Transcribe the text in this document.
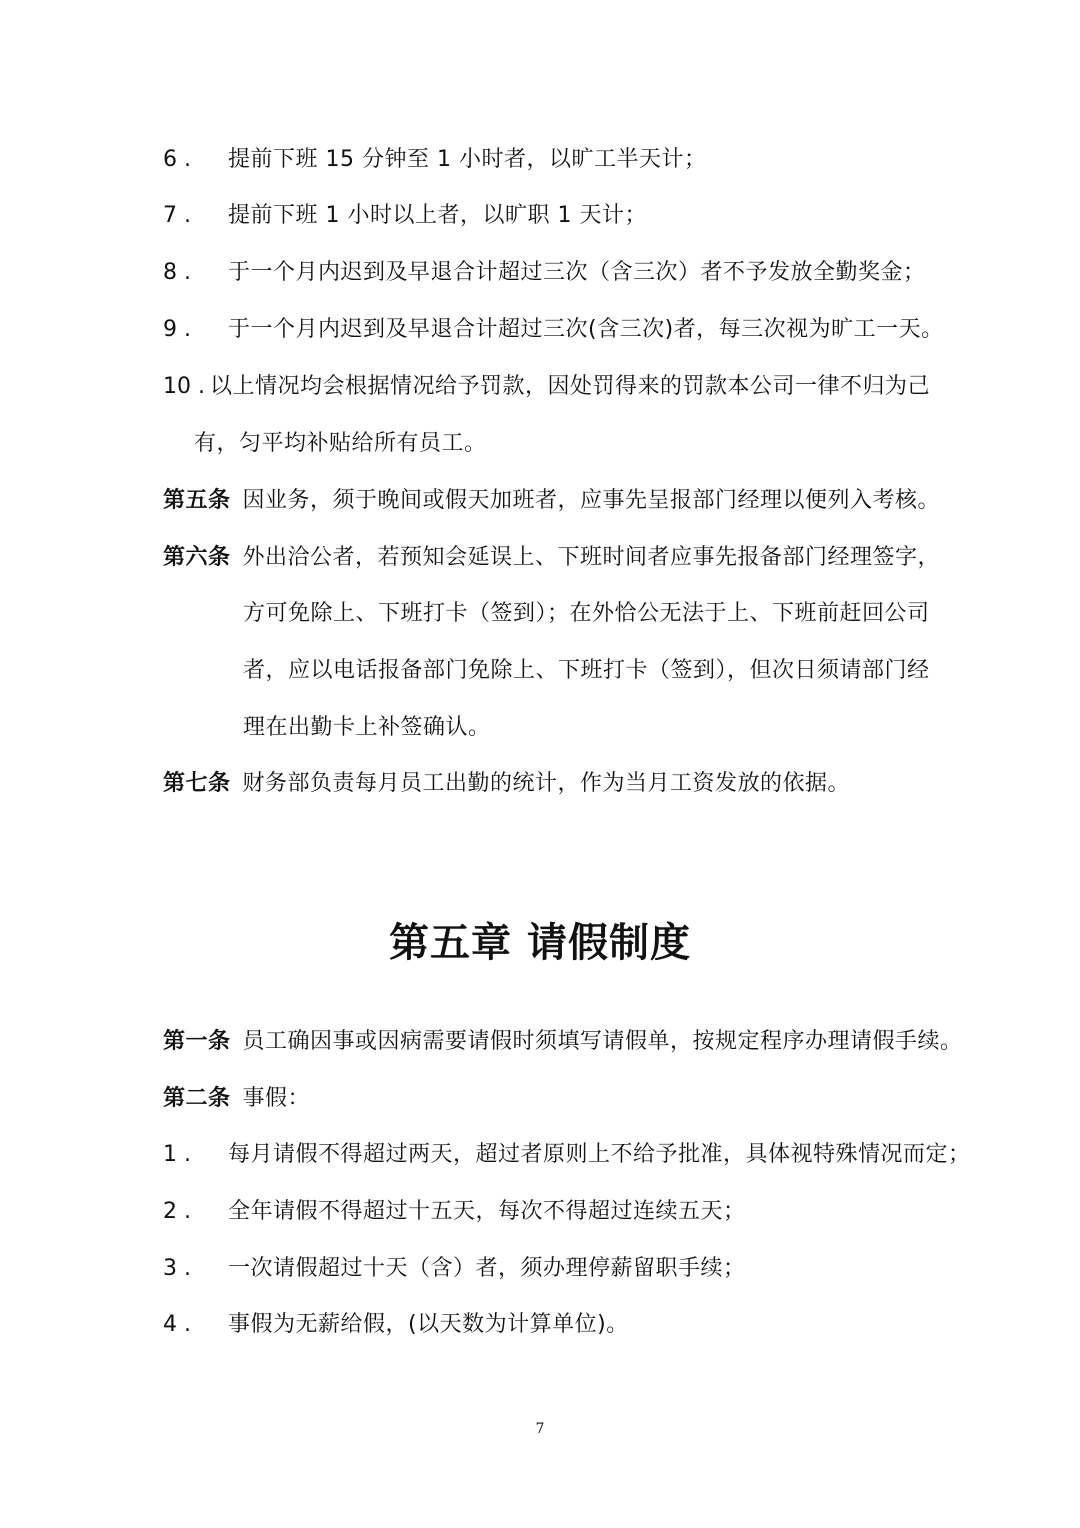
6 . 提前下班 15 分钟至 1 小时者，以旷工半天计；
7 . 提前下班 1 小时以上者，以旷职 1 天计；
8 . 于一个月内迟到及早退合计超过三次（含三次）者不予发放全勤奖金；
9 . 于一个月内迟到及早退合计超过三次(含三次)者，每三次视为旷工一天。
10 . 以上情况均会根据情况给予罚款，因处罚得来的罚款本公司一律不归为己
有，匀平均补贴给所有员工。
第五条 因业务，须于晚间或假天加班者，应事先呈报部门经理以便列入考核。
第六条 外出洽公者，若预知会延误上、下班时间者应事先报备部门经理签字，
方可免除上、下班打卡（签到）；在外恰公无法于上、下班前赶回公司
者，应以电话报备部门免除上、下班打卡（签到），但次日须请部门经
理在出勤卡上补签确认。
第七条 财务部负责每月员工出勤的统计，作为当月工资发放的依据。
第五章 请假制度
第一条 员工确因事或因病需要请假时须填写请假单，按规定程序办理请假手续。
第二条 事假：
1 . 每月请假不得超过两天，超过者原则上不给予批准，具体视特殊情况而定；
2 . 全年请假不得超过十五天，每次不得超过连续五天；
3 . 一次请假超过十天（含）者，须办理停薪留职手续；
4 . 事假为无薪给假，(以天数为计算单位)。
7
